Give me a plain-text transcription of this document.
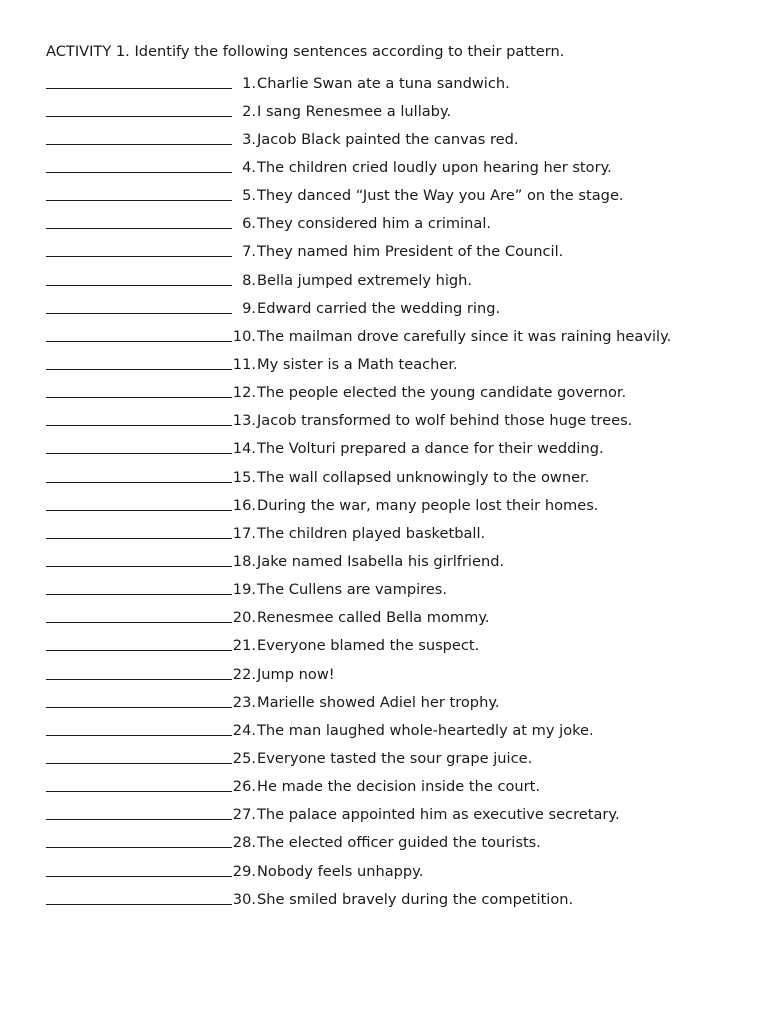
ACTIVITY 1. Identify the following sentences according to their pattern.
1. Charlie Swan ate a tuna sandwich.
2. I sang Renesmee a lullaby.
3. Jacob Black painted the canvas red.
4. The children cried loudly upon hearing her story.
5. They danced “Just the Way you Are” on the stage.
6. They considered him a criminal.
7. They named him President of the Council.
8. Bella jumped extremely high.
9. Edward carried the wedding ring.
10. The mailman drove carefully since it was raining heavily.
11. My sister is a Math teacher.
12. The people elected the young candidate governor.
13. Jacob transformed to wolf behind those huge trees.
14. The Volturi prepared a dance for their wedding.
15. The wall collapsed unknowingly to the owner.
16. During the war, many people lost their homes.
17. The children played basketball.
18. Jake named Isabella his girlfriend.
19. The Cullens are vampires.
20. Renesmee called Bella mommy.
21. Everyone blamed the suspect.
22. Jump now!
23. Marielle showed Adiel her trophy.
24. The man laughed whole-heartedly at my joke.
25. Everyone tasted the sour grape juice.
26. He made the decision inside the court.
27. The palace appointed him as executive secretary.
28. The elected officer guided the tourists.
29. Nobody feels unhappy.
30. She smiled bravely during the competition.
